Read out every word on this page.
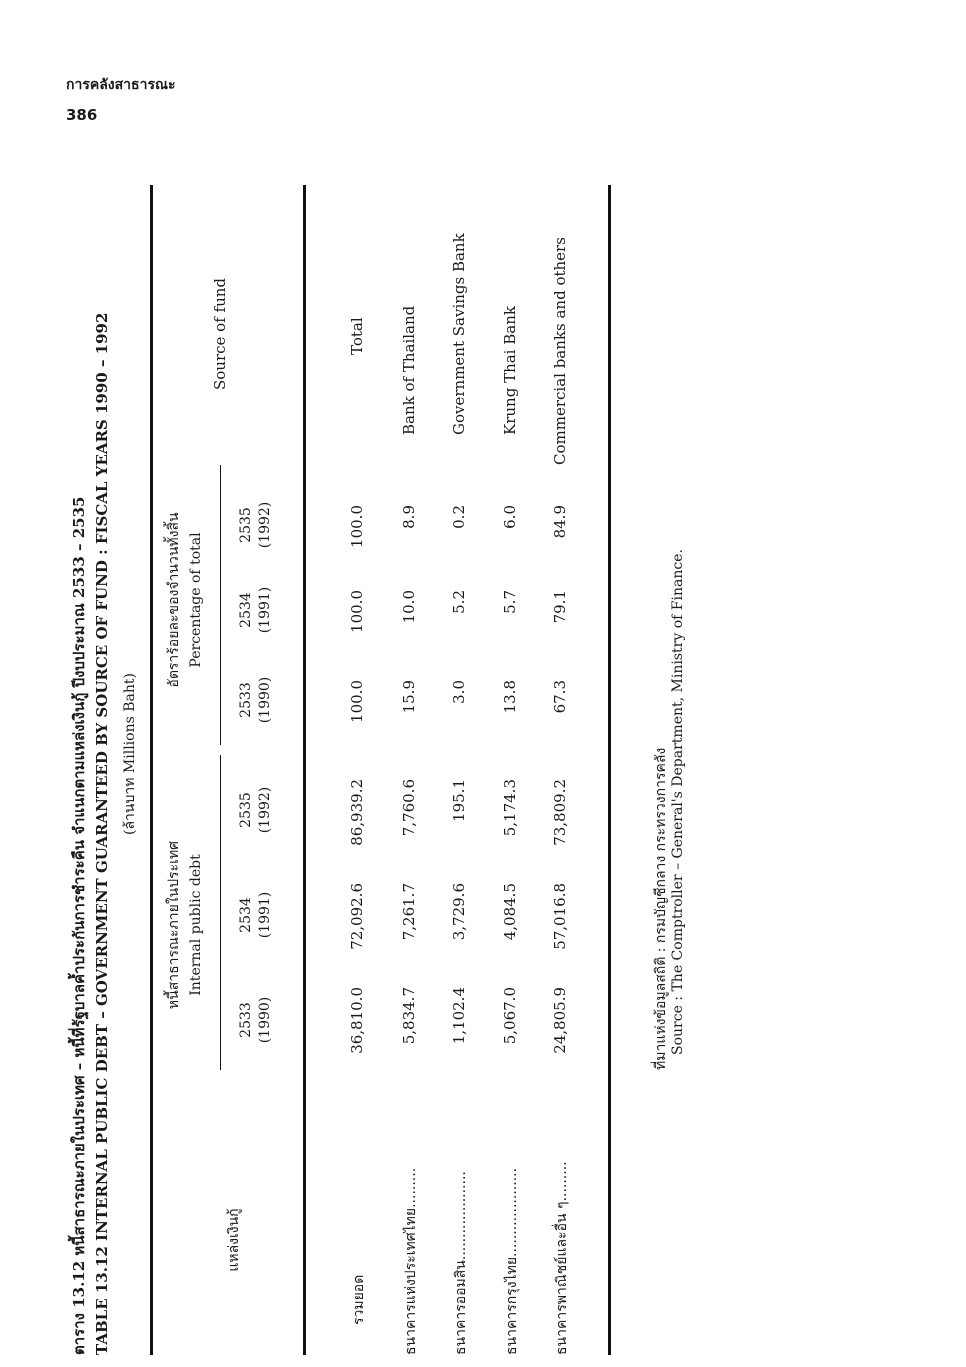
การคลังสาธารณะ
386
ตาราง 13.12 หนี้สาธารณะภายในประเทศ – หนี้ที่รัฐบาลค้ำประกันการชำระคืน จำแนกตามแหล่งเงินกู้ ปีงบประมาณ 2533 – 2535 TABLE 13.12 INTERNAL PUBLIC DEBT – GOVERNMENT GUARANTEED BY SOURCE OF FUND : FISCAL YEARS 1990 – 1992 (ล้านบาท Millions Baht)
แหล่งเงินกู้
หนี้สาธารณะภายในประเทศ Internal public debt
อัตราร้อยละของจำนวนทั้งสิ้น Percentage of total
Source of fund
2533 (1990)
2534 (1991)
2535 (1992)
2533 (1990)
2534 (1991)
2535 (1992)
รวมยอด
36,810.0
72,092.6
86,939.2
100.0
100.0
100.0
Total
ธนาคารแห่งประเทศไทย.........
5,834.7
7,261.7
7,760.6
15.9
10.0
8.9
Bank of Thailand
ธนาคารออมสิน....................
1,102.4
3,729.6
195.1
3.0
5.2
0.2
Government Savings Bank
ธนาคารกรุงไทย....................
5,067.0
4,084.5
5,174.3
13.8
5.7
6.0
Krung Thai Bank
ธนาคารพาณิชย์และอื่น ๆ.........
24,805.9
57,016.8
73,809.2
67.3
79.1
84.9
Commercial banks and others
ที่มาแห่งข้อมูลสถิติ : กรมบัญชีกลาง กระทรวงการคลัง Source : The Comptroller – General's Department, Ministry of Finance.
